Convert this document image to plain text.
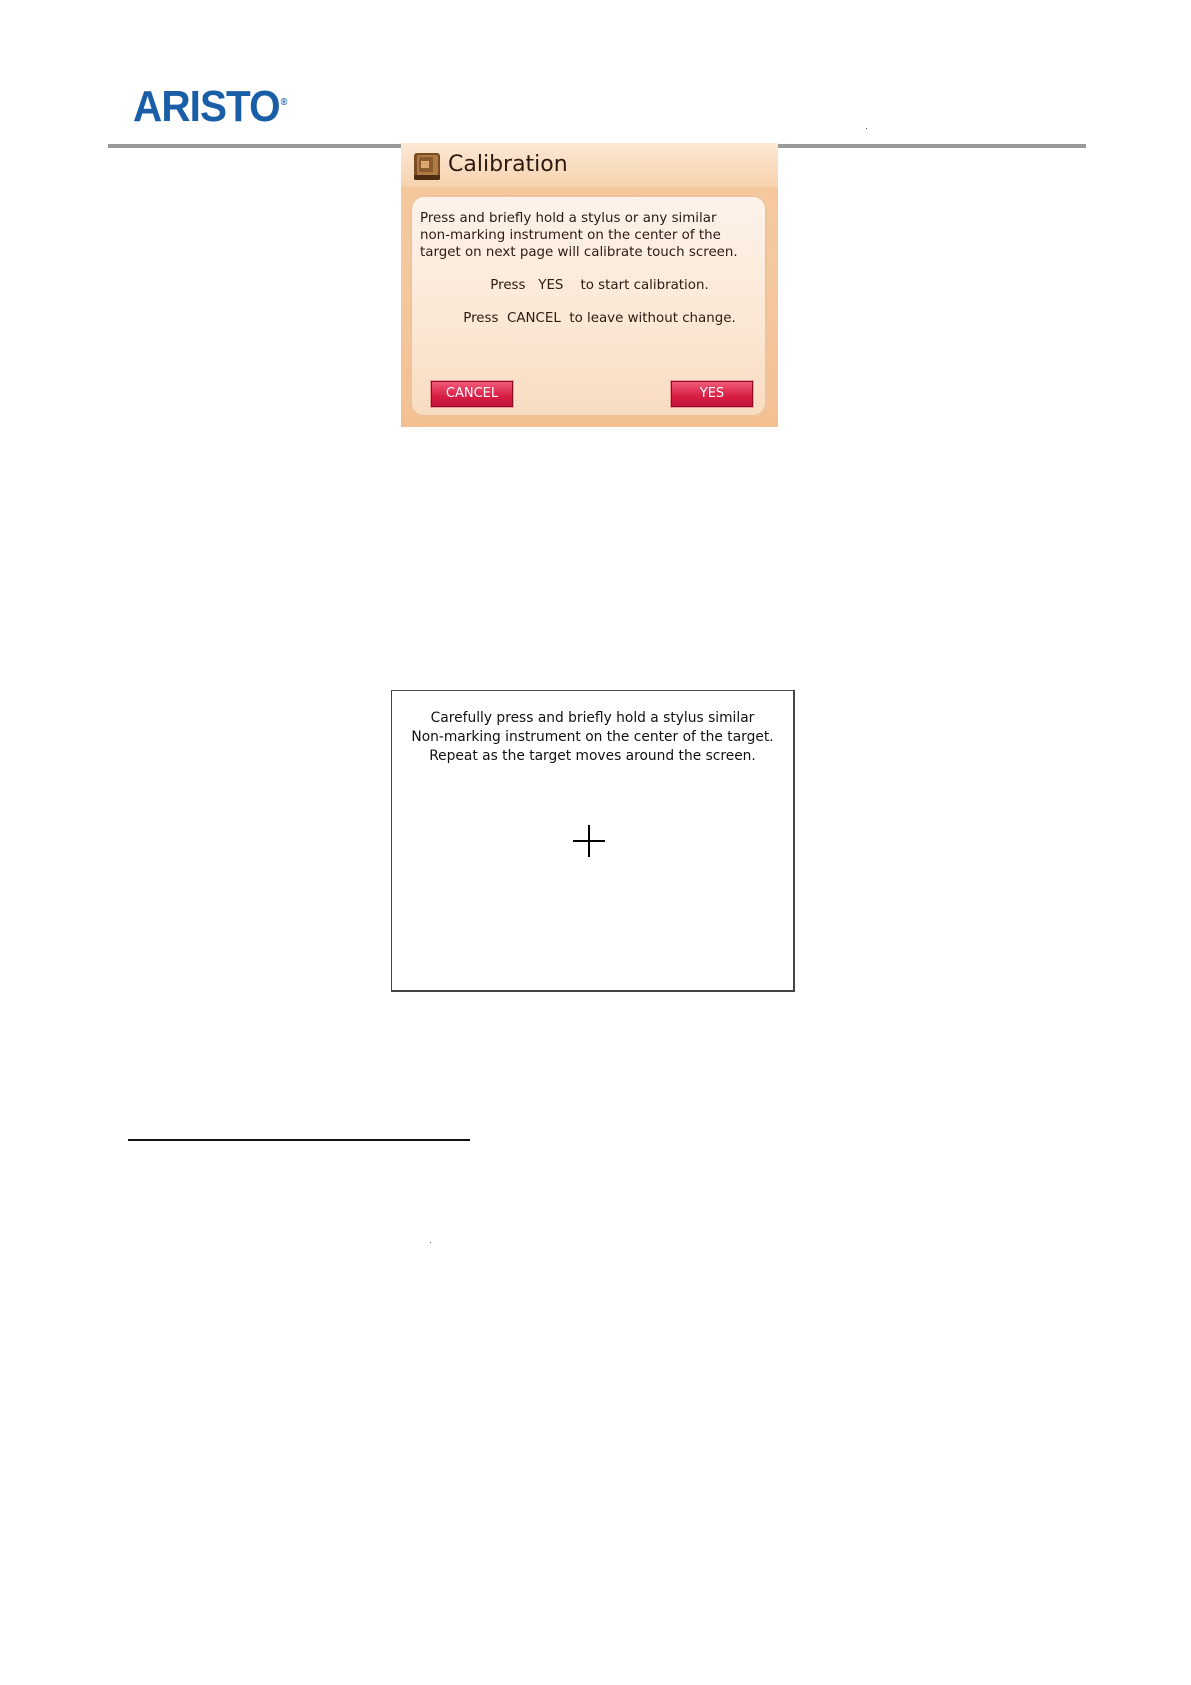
ARISTO®
Calibration
Press and briefly hold a stylus or any similar
non-marking instrument on the center of the
target on next page will calibrate touch screen.
Press   YES    to start calibration.
Press  CANCEL  to leave without change.
CANCEL	YES
Carefully press and briefly hold a stylus similar
Non-marking instrument on the center of the target.
Repeat as the target moves around the screen.
